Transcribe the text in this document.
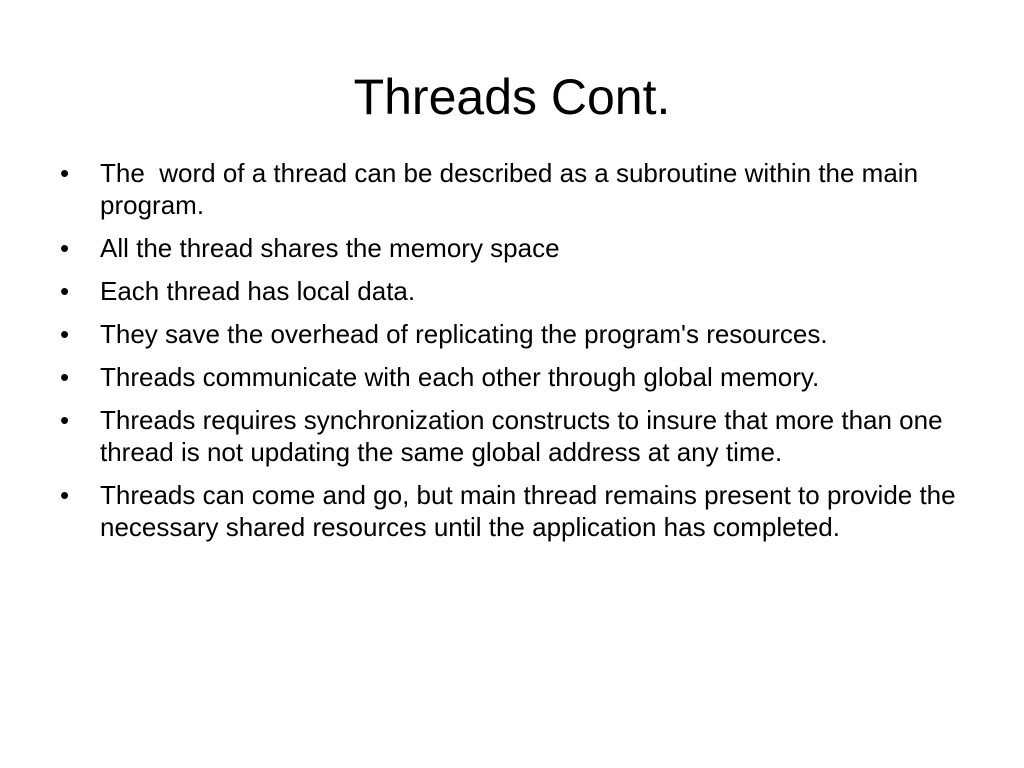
Threads Cont.
•	The  word of a thread can be described as a subroutine within the main program.
•	All the thread shares the memory space
•	Each thread has local data.
•	They save the overhead of replicating the program's resources.
•	Threads communicate with each other through global memory.
•	Threads requires synchronization constructs to insure that more than one thread is not updating the same global address at any time.
•	Threads can come and go, but main thread remains present to provide the necessary shared resources until the application has completed.
